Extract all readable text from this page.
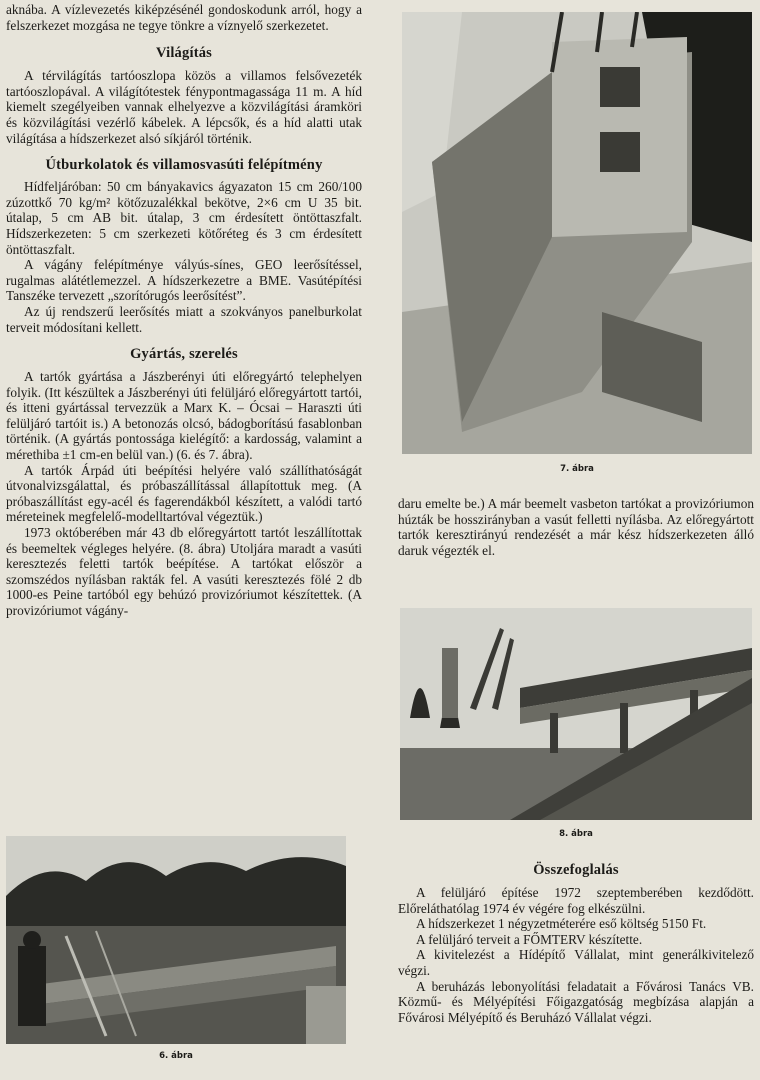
aknába. A vízlevezetés kiképzésénél gondoskodunk arról, hogy a felszerkezet mozgása ne tegye tönkre a víznyelő szerkezetet.

Világítás

A térvilágítás tartóoszlopa közös a villamos felsővezeték tartóoszlopával. A világítótestek fénypontmagassága 11 m. A híd kiemelt szegélyeiben vannak elhelyezve a közvilágítási áramköri és közvilágítási vezérlő kábelek. A lépcsők, és a híd alatti utak világítása a hídszerkezet alsó síkjáról történik.

Útburkolatok és villamosvasúti felépítmény

Hídfeljáróban: 50 cm bányakavics ágyazaton 15 cm 260/100 zúzottkő 70 kg/m² kötőzuzalékkal bekötve, 2×6 cm U 35 bit. útalap, 5 cm AB bit. útalap, 3 cm érdesített öntöttaszfalt. Hídszerkezeten: 5 cm szerkezeti kötőréteg és 3 cm érdesített öntöttaszfalt.

A vágány felépítménye vályús-sínes, GEO leerősítéssel, rugalmas alátétlemezzel. A hídszerkezetre a BME. Vasútépítési Tanszéke tervezett „szorítórugós leerősítést”.

Az új rendszerű leerősítés miatt a szokványos panelburkolat terveit módosítani kellett.

Gyártás, szerelés

A tartók gyártása a Jászberényi úti előregyártó telephelyen folyik. (Itt készültek a Jászberényi úti felüljáró előregyártott tartói, és itteni gyártással tervezzük a Marx K. – Ócsai – Haraszti úti felüljáró tartóit is.) A betonozás olcsó, bádogborítású fasablonban történik. (A gyártás pontossága kielégítő: a kardosság, valamint a mérethiba ±1 cm-en belül van.) (6. és 7. ábra).

A tartók Árpád úti beépítési helyére való szállíthatóságát útvonalvizsgálattal, és próbaszállítással állapítottuk meg. (A próbaszállítást egy-acél és fagerendákból készített, a valódi tartó méreteinek megfelelő-modelltartóval végeztük.)

1973 októberében már 43 db előregyártott tartót leszállítottak és beemeltek végleges helyére. (8. ábra) Utoljára maradt a vasúti keresztezés feletti tartók beépítése. A tartókat először a szomszédos nyílásban rakták fel. A vasúti keresztezés fölé 2 db 1000-es Peine tartóból egy behúzó provizóriumot készítettek. (A provizóriumot vágány-

6. ábra
7. ábra

daru emelte be.) A már beemelt vasbeton tartókat a provizóriumon húzták be hosszirányban a vasút felletti nyílásba. Az előregyártott tartók keresztirányú rendezését a már kész hídszerkezeten álló daruk végezték el.

8. ábra
Összefoglalás

A felüljáró építése 1972 szeptemberében kezdődött. Előreláthatólag 1974 év végére fog elkészülni.

A hídszerkezet 1 négyzetméterére eső költség 5150 Ft.

A felüljáró terveit a FŐMTERV készítette.

A kivitelezést a Hídépítő Vállalat, mint generálkivitelező végzi.

A beruházás lebonyolítási feladatait a Fővárosi Tanács VB. Közmű- és Mélyépítési Főigazgatóság megbízása alapján a Fővárosi Mélyépítő és Beruházó Vállalat végzi.
